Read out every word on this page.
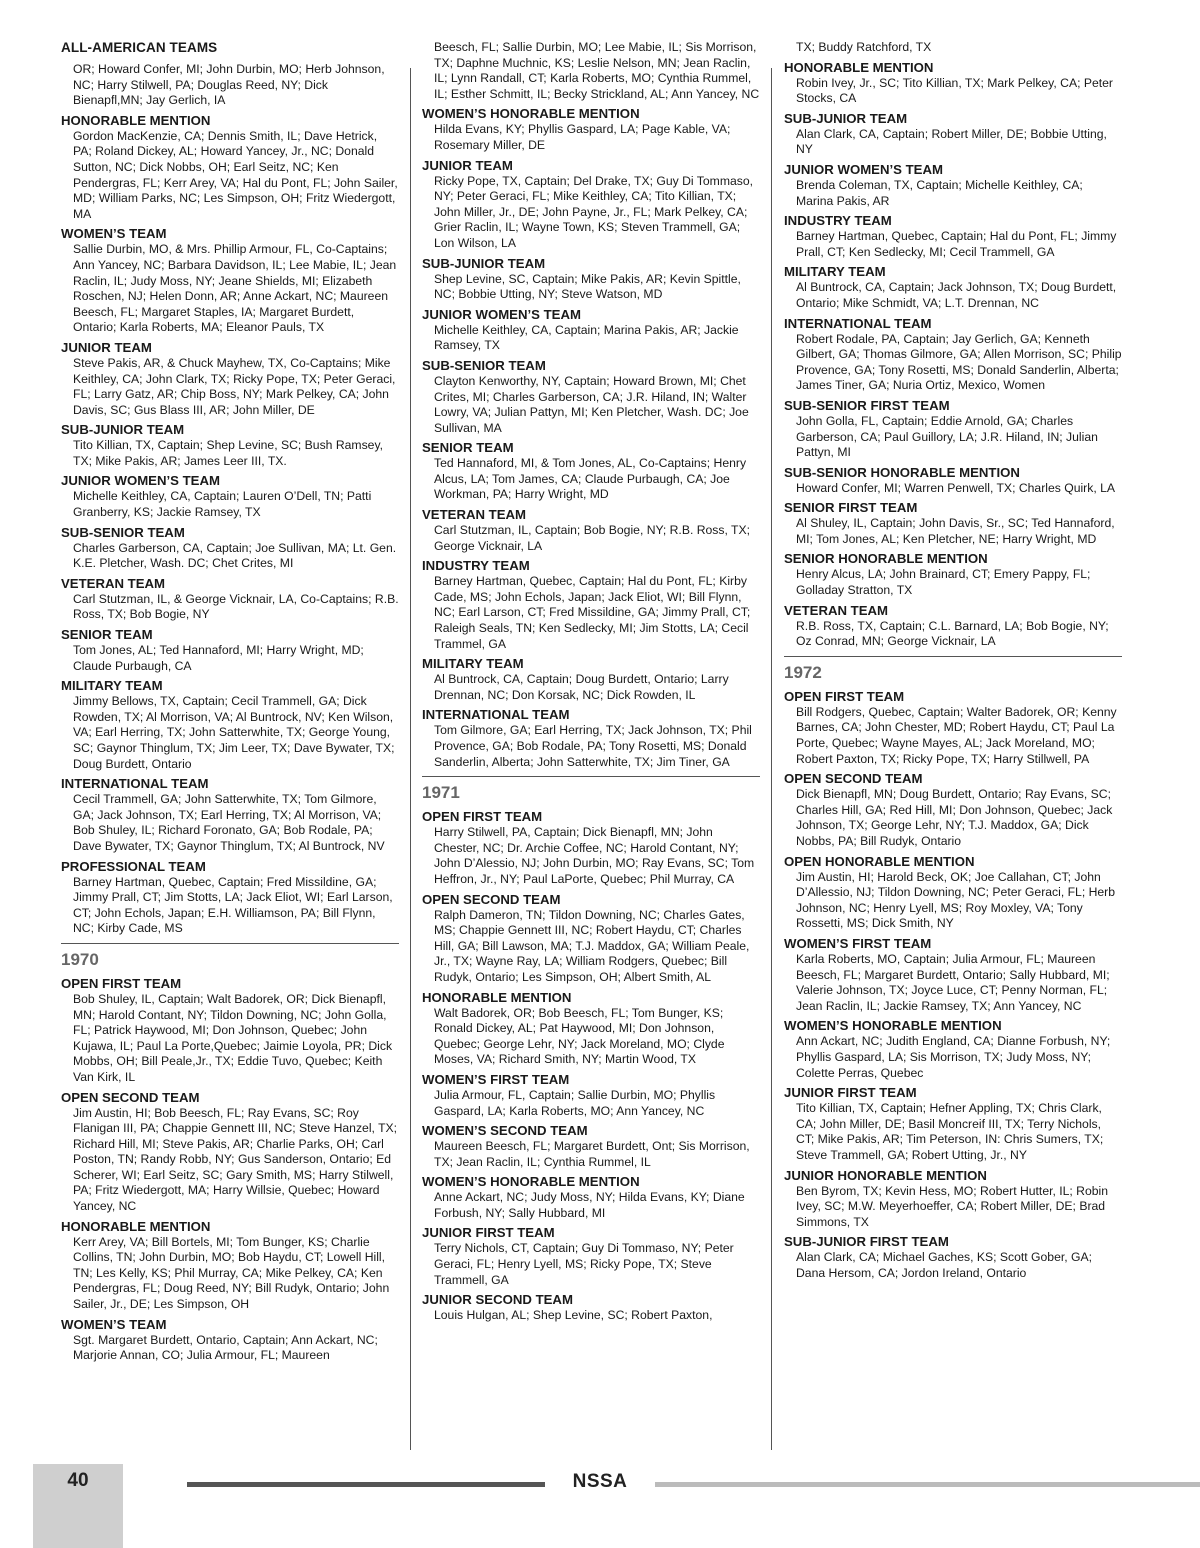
ALL-AMERICAN TEAMS

OR; Howard Confer, MI; John Durbin, MO; Herb Johnson, NC; Harry Stilwell, PA; Douglas Reed, NY; Dick Bienapfl,MN; Jay Gerlich, IA

HONORABLE MENTION

Gordon MacKenzie, CA; Dennis Smith, IL; Dave Hetrick, PA; Roland Dickey, AL; Howard Yancey, Jr., NC; Donald Sutton, NC; Dick Nobbs, OH; Earl Seitz, NC; Ken Pendergras, FL; Kerr Arey, VA; Hal du Pont, FL; John Sailer, MD; William Parks, NC; Les Simpson, OH; Fritz Wiedergott, MA

WOMEN’S TEAM

Sallie Durbin, MO, & Mrs. Phillip Armour, FL, Co-Captains; Ann Yancey, NC; Barbara Davidson, IL; Lee Mabie, IL; Jean Raclin, IL; Judy Moss, NY; Jeane Shields, MI; Elizabeth Roschen, NJ; Helen Donn, AR; Anne Ackart, NC; Maureen Beesch, FL; Margaret Staples, IA; Margaret Burdett, Ontario; Karla Roberts, MA; Eleanor Pauls, TX

JUNIOR TEAM

Steve Pakis, AR, & Chuck Mayhew, TX, Co-Captains; Mike Keithley, CA; John Clark, TX; Ricky Pope, TX; Peter Geraci, FL; Larry Gatz, AR; Chip Boss, NY; Mark Pelkey, CA; John Davis, SC; Gus Blass III, AR; John Miller, DE

SUB-JUNIOR TEAM

Tito Killian, TX, Captain; Shep Levine, SC; Bush Ramsey, TX; Mike Pakis, AR; James Leer III, TX.

JUNIOR WOMEN’S TEAM

Michelle Keithley, CA, Captain; Lauren O’Dell, TN; Patti Granberry, KS; Jackie Ramsey, TX

SUB-SENIOR TEAM

Charles Garberson, CA, Captain; Joe Sullivan, MA; Lt. Gen. K.E. Pletcher, Wash. DC; Chet Crites, MI

VETERAN TEAM

Carl Stutzman, IL, & George Vicknair, LA, Co-Captains; R.B. Ross, TX; Bob Bogie, NY

SENIOR TEAM

Tom Jones, AL; Ted Hannaford, MI; Harry Wright, MD; Claude Purbaugh, CA

MILITARY TEAM

Jimmy Bellows, TX, Captain; Cecil Trammell, GA; Dick Rowden, TX; Al Morrison, VA; Al Buntrock, NV; Ken Wilson, VA; Earl Herring, TX; John Satterwhite, TX; George Young, SC; Gaynor Thinglum, TX; Jim Leer, TX; Dave Bywater, TX; Doug Burdett, Ontario

INTERNATIONAL TEAM

Cecil Trammell, GA; John Satterwhite, TX; Tom Gilmore, GA; Jack Johnson, TX; Earl Herring, TX; Al Morrison, VA; Bob Shuley, IL; Richard Foronato, GA; Bob Rodale, PA; Dave Bywater, TX; Gaynor Thinglum, TX; Al Buntrock, NV

PROFESSIONAL TEAM

Barney Hartman, Quebec, Captain; Fred Missildine, GA; Jimmy Prall, CT; Jim Stotts, LA; Jack Eliot, WI; Earl Larson, CT; John Echols, Japan; E.H. Williamson, PA; Bill Flynn, NC; Kirby Cade, MS

1970
OPEN FIRST TEAM

Bob Shuley, IL, Captain; Walt Badorek, OR; Dick Bienapfl, MN; Harold Contant, NY; Tildon Downing, NC; John Golla, FL; Patrick Haywood, MI; Don Johnson, Quebec; John Kujawa, IL; Paul La Porte,Quebec; Jaimie Loyola, PR; Dick Mobbs, OH; Bill Peale,Jr., TX; Eddie Tuvo, Quebec; Keith Van Kirk, IL

OPEN SECOND TEAM

Jim Austin, HI; Bob Beesch, FL; Ray Evans, SC; Roy Flanigan III, PA; Chappie Gennett III, NC; Steve Hanzel, TX; Richard Hill, MI; Steve Pakis, AR; Charlie Parks, OH; Carl Poston, TN; Randy Robb, NY; Gus Sanderson, Ontario; Ed Scherer, WI; Earl Seitz, SC; Gary Smith, MS; Harry Stilwell, PA; Fritz Wiedergott, MA; Harry Willsie, Quebec; Howard Yancey, NC

HONORABLE MENTION

Kerr Arey, VA; Bill Bortels, MI; Tom Bunger, KS; Charlie Collins, TN; John Durbin, MO; Bob Haydu, CT; Lowell Hill, TN; Les Kelly, KS; Phil Murray, CA; Mike Pelkey, CA; Ken Pendergras, FL; Doug Reed, NY; Bill Rudyk, Ontario; John Sailer, Jr., DE; Les Simpson, OH

WOMEN’S TEAM

Sgt. Margaret Burdett, Ontario, Captain; Ann Ackart, NC; Marjorie Annan, CO; Julia Armour, FL; Maureen

Beesch, FL; Sallie Durbin, MO; Lee Mabie, IL; Sis Morrison, TX; Daphne Muchnic, KS; Leslie Nelson, MN; Jean Raclin, IL; Lynn Randall, CT; Karla Roberts, MO; Cynthia Rummel, IL; Esther Schmitt, IL; Becky Strickland, AL; Ann Yancey, NC

WOMEN’S HONORABLE MENTION

Hilda Evans, KY; Phyllis Gaspard, LA; Page Kable, VA; Rosemary Miller, DE

JUNIOR TEAM

Ricky Pope, TX, Captain; Del Drake, TX; Guy Di Tommaso, NY; Peter Geraci, FL; Mike Keithley, CA; Tito Killian, TX; John Miller, Jr., DE; John Payne, Jr., FL; Mark Pelkey, CA; Grier Raclin, IL; Wayne Town, KS; Steven Trammell, GA; Lon Wilson, LA

SUB-JUNIOR TEAM

Shep Levine, SC, Captain; Mike Pakis, AR; Kevin Spittle, NC; Bobbie Utting, NY; Steve Watson, MD

JUNIOR WOMEN’S TEAM

Michelle Keithley, CA, Captain; Marina Pakis, AR; Jackie Ramsey, TX

SUB-SENIOR TEAM

Clayton Kenworthy, NY, Captain; Howard Brown, MI; Chet Crites, MI; Charles Garberson, CA; J.R. Hiland, IN; Walter Lowry, VA; Julian Pattyn, MI; Ken Pletcher, Wash. DC; Joe Sullivan, MA

SENIOR TEAM

Ted Hannaford, MI, & Tom Jones, AL, Co-Captains; Henry Alcus, LA; Tom James, CA; Claude Purbaugh, CA; Joe Workman, PA; Harry Wright, MD

VETERAN TEAM

Carl Stutzman, IL, Captain; Bob Bogie, NY; R.B. Ross, TX; George Vicknair, LA

INDUSTRY TEAM

Barney Hartman, Quebec, Captain; Hal du Pont, FL; Kirby Cade, MS; John Echols, Japan; Jack Eliot, WI; Bill Flynn, NC; Earl Larson, CT; Fred Missildine, GA; Jimmy Prall, CT; Raleigh Seals, TN; Ken Sedlecky, MI; Jim Stotts, LA; Cecil Trammel, GA

MILITARY TEAM

Al Buntrock, CA, Captain; Doug Burdett, Ontario; Larry Drennan, NC; Don Korsak, NC; Dick Rowden, IL

INTERNATIONAL TEAM

Tom Gilmore, GA; Earl Herring, TX; Jack Johnson, TX; Phil Provence, GA; Bob Rodale, PA; Tony Rosetti, MS; Donald Sanderlin, Alberta; John Satterwhite, TX; Jim Tiner, GA

1971
OPEN FIRST TEAM

Harry Stilwell, PA, Captain; Dick Bienapfl, MN; John Chester, NC; Dr. Archie Coffee, NC; Harold Contant, NY; John D’Alessio, NJ; John Durbin, MO; Ray Evans, SC; Tom Heffron, Jr., NY; Paul LaPorte, Quebec; Phil Murray, CA

OPEN SECOND TEAM

Ralph Dameron, TN; Tildon Downing, NC; Charles Gates, MS; Chappie Gennett III, NC; Robert Haydu, CT; Charles Hill, GA; Bill Lawson, MA; T.J. Maddox, GA; William Peale, Jr., TX; Wayne Ray, LA; William Rodgers, Quebec; Bill Rudyk, Ontario; Les Simpson, OH; Albert Smith, AL

HONORABLE MENTION

Walt Badorek, OR; Bob Beesch, FL; Tom Bunger, KS; Ronald Dickey, AL; Pat Haywood, MI; Don Johnson, Quebec; George Lehr, NY; Jack Moreland, MO; Clyde Moses, VA; Richard Smith, NY; Martin Wood, TX

WOMEN’S FIRST TEAM

Julia Armour, FL, Captain; Sallie Durbin, MO; Phyllis Gaspard, LA; Karla Roberts, MO; Ann Yancey, NC

WOMEN’S SECOND TEAM

Maureen Beesch, FL; Margaret Burdett, Ont; Sis Morrison, TX; Jean Raclin, IL; Cynthia Rummel, IL

WOMEN’S HONORABLE MENTION

Anne Ackart, NC; Judy Moss, NY; Hilda Evans, KY; Diane Forbush, NY; Sally Hubbard, MI

JUNIOR FIRST TEAM

Terry Nichols, CT, Captain; Guy Di Tommaso, NY; Peter Geraci, FL; Henry Lyell, MS; Ricky Pope, TX; Steve Trammell, GA

JUNIOR SECOND TEAM

Louis Hulgan, AL; Shep Levine, SC; Robert Paxton,

TX; Buddy Ratchford, TX

HONORABLE MENTION

Robin Ivey, Jr., SC; Tito Killian, TX; Mark Pelkey, CA; Peter Stocks, CA

SUB-JUNIOR TEAM

Alan Clark, CA, Captain; Robert Miller, DE; Bobbie Utting, NY

JUNIOR WOMEN’S TEAM

Brenda Coleman, TX, Captain; Michelle Keithley, CA; Marina Pakis, AR

INDUSTRY TEAM

Barney Hartman, Quebec, Captain; Hal du Pont, FL; Jimmy Prall, CT; Ken Sedlecky, MI; Cecil Trammell, GA

MILITARY TEAM

Al Buntrock, CA, Captain; Jack Johnson, TX; Doug Burdett, Ontario; Mike Schmidt, VA; L.T. Drennan, NC

INTERNATIONAL TEAM

Robert Rodale, PA, Captain; Jay Gerlich, GA; Kenneth Gilbert, GA; Thomas Gilmore, GA; Allen Morrison, SC; Philip Provence, GA; Tony Rosetti, MS; Donald Sanderlin, Alberta; James Tiner, GA; Nuria Ortiz, Mexico, Women

SUB-SENIOR FIRST TEAM

John Golla, FL, Captain; Eddie Arnold, GA; Charles Garberson, CA; Paul Guillory, LA; J.R. Hiland, IN; Julian Pattyn, MI

SUB-SENIOR HONORABLE MENTION

Howard Confer, MI; Warren Penwell, TX; Charles Quirk, LA

SENIOR FIRST TEAM

Al Shuley, IL, Captain; John Davis, Sr., SC; Ted Hannaford, MI; Tom Jones, AL; Ken Pletcher, NE; Harry Wright, MD

SENIOR HONORABLE MENTION

Henry Alcus, LA; John Brainard, CT; Emery Pappy, FL; Golladay Stratton, TX

VETERAN TEAM

R.B. Ross, TX, Captain; C.L. Barnard, LA; Bob Bogie, NY; Oz Conrad, MN; George Vicknair, LA

1972
OPEN FIRST TEAM

Bill Rodgers, Quebec, Captain; Walter Badorek, OR; Kenny Barnes, CA; John Chester, MD; Robert Haydu, CT; Paul La Porte, Quebec; Wayne Mayes, AL; Jack Moreland, MO; Robert Paxton, TX; Ricky Pope, TX; Harry Stillwell, PA

OPEN SECOND TEAM

Dick Bienapfl, MN; Doug Burdett, Ontario; Ray Evans, SC; Charles Hill, GA; Red Hill, MI; Don Johnson, Quebec; Jack Johnson, TX; George Lehr, NY; T.J. Maddox, GA; Dick Nobbs, PA; Bill Rudyk, Ontario

OPEN HONORABLE MENTION

Jim Austin, HI; Harold Beck, OK; Joe Callahan, CT; John D’Allessio, NJ; Tildon Downing, NC; Peter Geraci, FL; Herb Johnson, NC; Henry Lyell, MS; Roy Moxley, VA; Tony Rossetti, MS; Dick Smith, NY

WOMEN’S FIRST TEAM

Karla Roberts, MO, Captain; Julia Armour, FL; Maureen Beesch, FL; Margaret Burdett, Ontario; Sally Hubbard, MI; Valerie Johnson, TX; Joyce Luce, CT; Penny Norman, FL; Jean Raclin, IL; Jackie Ramsey, TX; Ann Yancey, NC

WOMEN’S HONORABLE MENTION

Ann Ackart, NC; Judith England, CA; Dianne Forbush, NY; Phyllis Gaspard, LA; Sis Morrison, TX; Judy Moss, NY; Colette Perras, Quebec

JUNIOR FIRST TEAM

Tito Killian, TX, Captain; Hefner Appling, TX; Chris Clark, CA; John Miller, DE; Basil Moncreif III, TX; Terry Nichols, CT; Mike Pakis, AR; Tim Peterson, IN: Chris Sumers, TX; Steve Trammell, GA; Robert Utting, Jr., NY

JUNIOR HONORABLE MENTION

Ben Byrom, TX; Kevin Hess, MO; Robert Hutter, IL; Robin Ivey, SC; M.W. Meyerhoeffer, CA; Robert Miller, DE; Brad Simmons, TX

SUB-JUNIOR FIRST TEAM

Alan Clark, CA; Michael Gaches, KS; Scott Gober, GA; Dana Hersom, CA; Jordon Ireland, Ontario

40	NSSA
